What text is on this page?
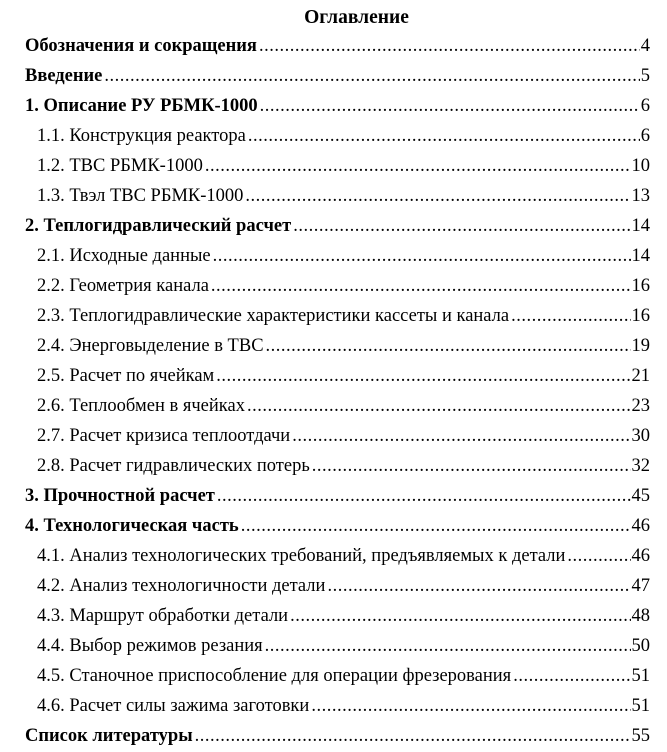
Оглавление
Обозначения и сокращения .....	4
Введение .....	5
1. Описание РУ РБМК-1000 .....	6
1.1. Конструкция реактора .....	6
1.2. ТВС РБМК-1000 .....	10
1.3. Твэл ТВС РБМК-1000 .....	13
2. Теплогидравлический расчет .....	14
2.1. Исходные данные .....	14
2.2. Геометрия канала .....	16
2.3. Теплогидравлические характеристики кассеты и канала .....	16
2.4. Энерговыделение в ТВС .....	19
2.5. Расчет по ячейкам .....	21
2.6. Теплообмен в ячейках .....	23
2.7. Расчет кризиса теплоотдачи .....	30
2.8. Расчет гидравлических потерь .....	32
3. Прочностной расчет .....	45
4. Технологическая часть .....	46
4.1. Анализ технологических требований, предъявляемых к детали .....	46
4.2. Анализ технологичности детали .....	47
4.3. Маршрут обработки детали .....	48
4.4. Выбор режимов резания .....	50
4.5. Станочное приспособление для операции фрезерования .....	51
4.6. Расчет силы зажима заготовки .....	51
Список литературы .....	55
